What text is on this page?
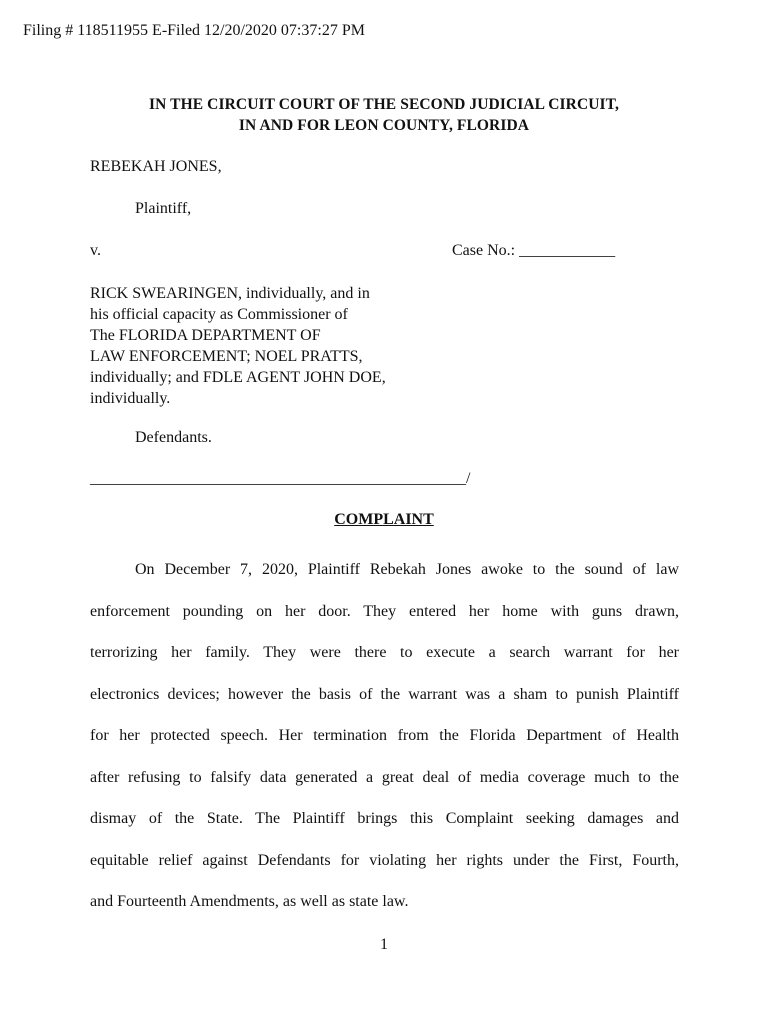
Filing # 118511955 E-Filed 12/20/2020 07:37:27 PM
IN THE CIRCUIT COURT OF THE SECOND JUDICIAL CIRCUIT,
IN AND FOR LEON COUNTY, FLORIDA
REBEKAH JONES,
Plaintiff,
v.	Case No.: ____________
RICK SWEARINGEN, individually, and in
his official capacity as Commissioner of
The FLORIDA DEPARTMENT OF
LAW ENFORCEMENT; NOEL PRATTS,
individually; and FDLE AGENT JOHN DOE,
individually.
Defendants.
_______________________________________________/
COMPLAINT
On December 7, 2020, Plaintiff Rebekah Jones awoke to the sound of law
enforcement pounding on her door. They entered her home with guns drawn,
terrorizing her family. They were there to execute a search warrant for her
electronics devices; however the basis of the warrant was a sham to punish Plaintiff
for her protected speech. Her termination from the Florida Department of Health
after refusing to falsify data generated a great deal of media coverage much to the
dismay of the State. The Plaintiff brings this Complaint seeking damages and
equitable relief against Defendants for violating her rights under the First, Fourth,
and Fourteenth Amendments, as well as state law.
1
